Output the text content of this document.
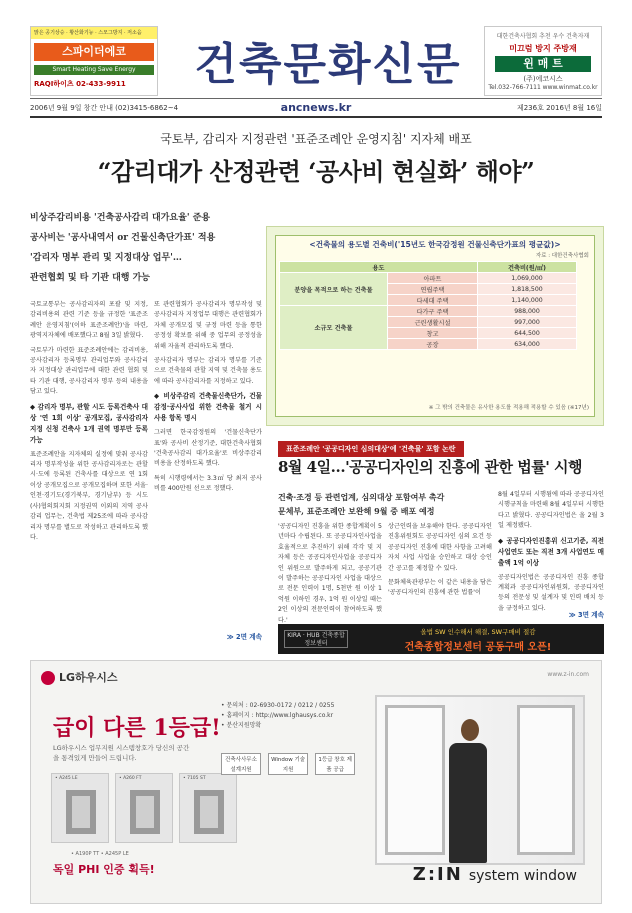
맑은 공기상승 · 황산화기능 · 스모그방지 · 저소음
스파이더에코
Smart Heating Save Energy
RAQI하이츠 02-433-9911	건축문화신문
대한건축사협회 추천 우수 건축자재
미끄럼 방지 주방재
윈 매 트
(주)에코시스
Tel.032-766-7111 www.winmat.co.kr
2006년 9월 9일 창간 안내 (02)3415-6862~4	ancnews.kr	제236호 2016년 8월 16일
국토부, 감리자 지정관련 '표준조례안 운영지침' 지자체 배포
“감리대가 산정관련 ‘공사비 현실화’ 해야”
비상주감리비용 '건축공사감리 대가요율' 준용
공사비는 '공사내역서 or 건물신축단가표' 적용
'감리자 명부 관리 및 지정대상 업무'…
관련협회 및 타 기관 대행 가능

국토교통부는 공사감리자의 포괄 및 지정, 감리비용의 관련 기준 등을 규정한 '표준조례안 운영지침'(이하 표준조례안)'을 마련, 광역지자체에 배포했다고 8월 3일 밝혔다.

국토부가 마련한 표준조례안에는 감리비용, 공사감리자 등록명부 관리업무와 공사감리자 지정대상 관리업무에 대한 관련 협회 및 타 기관 대행, 공사감리자 명부 등의 내용을 담고 있다.

◆ 감리자 명부, 관할 시도 등록건축사 대상 '연 1회 이상' 공개모집, 공사감리자 지정 신청 건축사 1개 권역 명부만 등록 가능

표준조례안을 지자체의 실정에 맞춰 공사감리자 명부작성을 위한 공사감리자로는 관할 시·도에 등록된 건축사를 대상으로 연 1회 이상 공개모집으로 공개모집하며 또한 서울·인천·경기도(경기북부, 경기남부) 등 시도(사)협의회지회 지정권역 이외의 지역 공사감리 업무는, 건축법 제25조에 따라 공사감리자 명부를 별도로 작성하고 관리하도록 했다.

또 관련협회가 공사감리자 명부작성 및 공사감리자 지정업무 대행은 관련협회가 자체 공개모집 및 규정 마련 등을 통한 공정성 확보를 위해 중 업무의 공정성을 위해 자율적 관리하도록 했다.

공사감리자 명부는 감리자 명부를 기준으로 건축물의 관할 지역 및 건축물 용도에 따라 공사감리자를 지정하고 있다.

◆ 비상주감리 건축물신축단가, 건물감정·공사사업 위한 건축물 철거 시 사용 항목 명시

그러면 한국감정원의 '건물신축단가표'와 공사비 산정기준, 대한건축사협회 '건축공사감리 대가요율'로 비상주감리 비용을 산정하도록 했다.

특히 시행령에서는 3.3㎡ 당 최저 공사비를 400만원 선으로 정했다.

≫ 2면 계속
<건축물의 용도별 건축비('15년도 한국감정원 건물신축단가표의 평균값)>
자료 : 대한건축사협회
용도		건축비(원/㎡)
분양을 목적으로 하는 건축물	아파트	1,069,000
	연립주택	1,818,500
	다세대 주택	1,140,000
소규모 건축물	다가구 주택	988,000
	근린생활시설	997,000
	창고	644,500
	공장	634,000
※ 그 밖의 건축물은 유사한 용도를 적용해 적용할 수 있음 (※17년)
표준조례안 '공공디자인 심의대상'에 '건축물' 포함 논란
8월 4일…'공공디자인의 진흥에 관한 법률' 시행
건축·조경 등 관련업계, 심의대상 포함여부 촉각
문체부, 표준조례안 보완해 9월 중 배포 예정

'공공디자인 진흥을 위한 종합계획이 5년마다 수립된다. 또 공공디자인사업을 효율적으로 추진하기 위해 각각 및 지자체 등은 공공디자인사업을 공공디자인 위원으로 발주하게 되고, 공공기관이 발주하는 공공디자인 사업을 대상으로 전문 인력이 1명, 5천만 원 이상 1억원 이하인 경우, 1억 원 이상일 때는 2인 이상의 전문인력이 참여하도록 했다.'

상근인력을 보유해야 한다. 공공디자인 진흥위원회도 공공디자인 심의 요건 등 공공디자인 진흥에 대한 사항을 고려해 자치 사업 사업을 승인하고 대상 승인 간 공고를 제정할 수 있다.

문화체육관광부는 이 같은 내용을 담은 '공공디자인의 진흥에 관한 법률'이

8월 4일부터 시행됨에 따라 공공디자인 시행규칙을 마련해 8월 4일부터 시행한다고 밝혔다. 공공디자인법은 올 2월 3일 제정됐다.

◆ 공공디자인진흥위 신고기준, 직전 사업연도 또는 직전 3개 사업연도 매출액 1억 이상

공공디자인법은 공공디자인 진흥 종합계획과 공공디자인위원회, 공공디자인 등의 전문성 및 설계자 및 인력 배치 등을 규정하고 있다.

≫ 3면 계속
KIRA · HUB 건축종합정보센터
올법 SW 인수해서 해결, SW구매비 절감
건축종합정보센터 공동구매 오픈!
LG하우시스	www.z-in.com
급이 다른 1등급!
LG하우시스 업무지원 시스템창호가 당신의 공간을 통격있게 만들어 드립니다.
• A245 LE	• A260 FT	• 7105 ST
• A190P TT • A245P LE
독일 PHI 인증 획득!
• 문의처 : 02-6930-0172 / 0212 / 0255
• 홈페이지 : http://www.lghausys.co.kr
• 분산지원망확
건축사사무소 설계지원 Window 기술지원 1등급 창호 제품 공급
Z:IN system window
